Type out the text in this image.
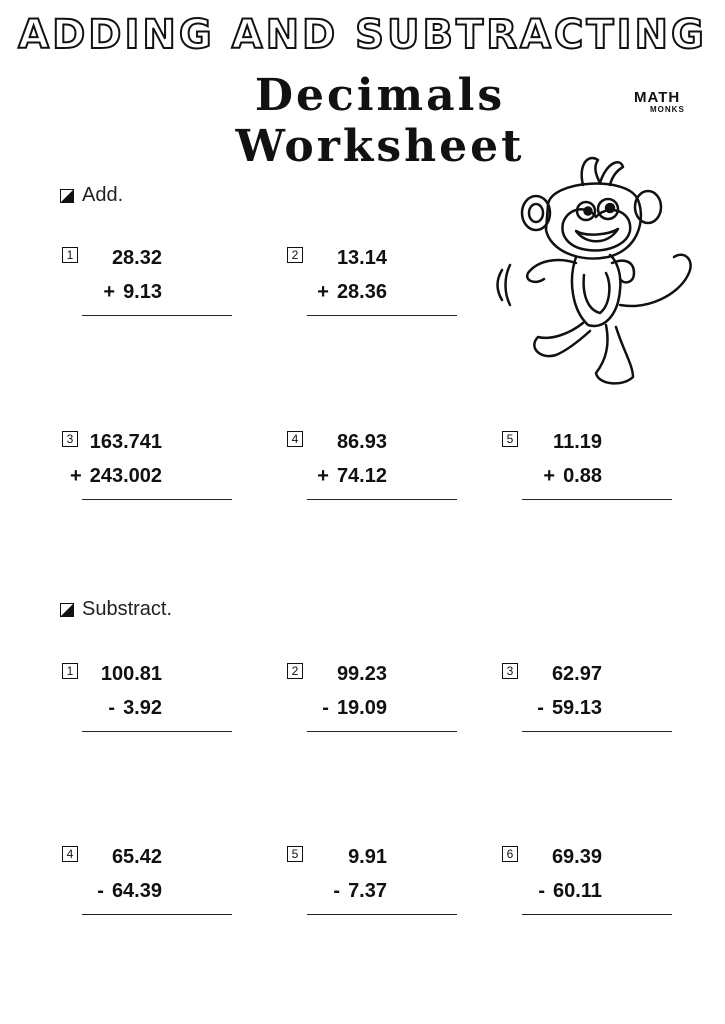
ADDING AND SUBTRACTING
Decimals Worksheet
MATH
MONKS
Add.
1 28.32
+ 9.13
2 13.14
+ 28.36
3 163.741
+ 243.002
4 86.93
+ 74.12
5 11.19
+ 0.88
Substract.
1 100.81
- 3.92
2 99.23
- 19.09
3 62.97
- 59.13
4 65.42
- 64.39
5 9.91
- 7.37
6 69.39
- 60.11
